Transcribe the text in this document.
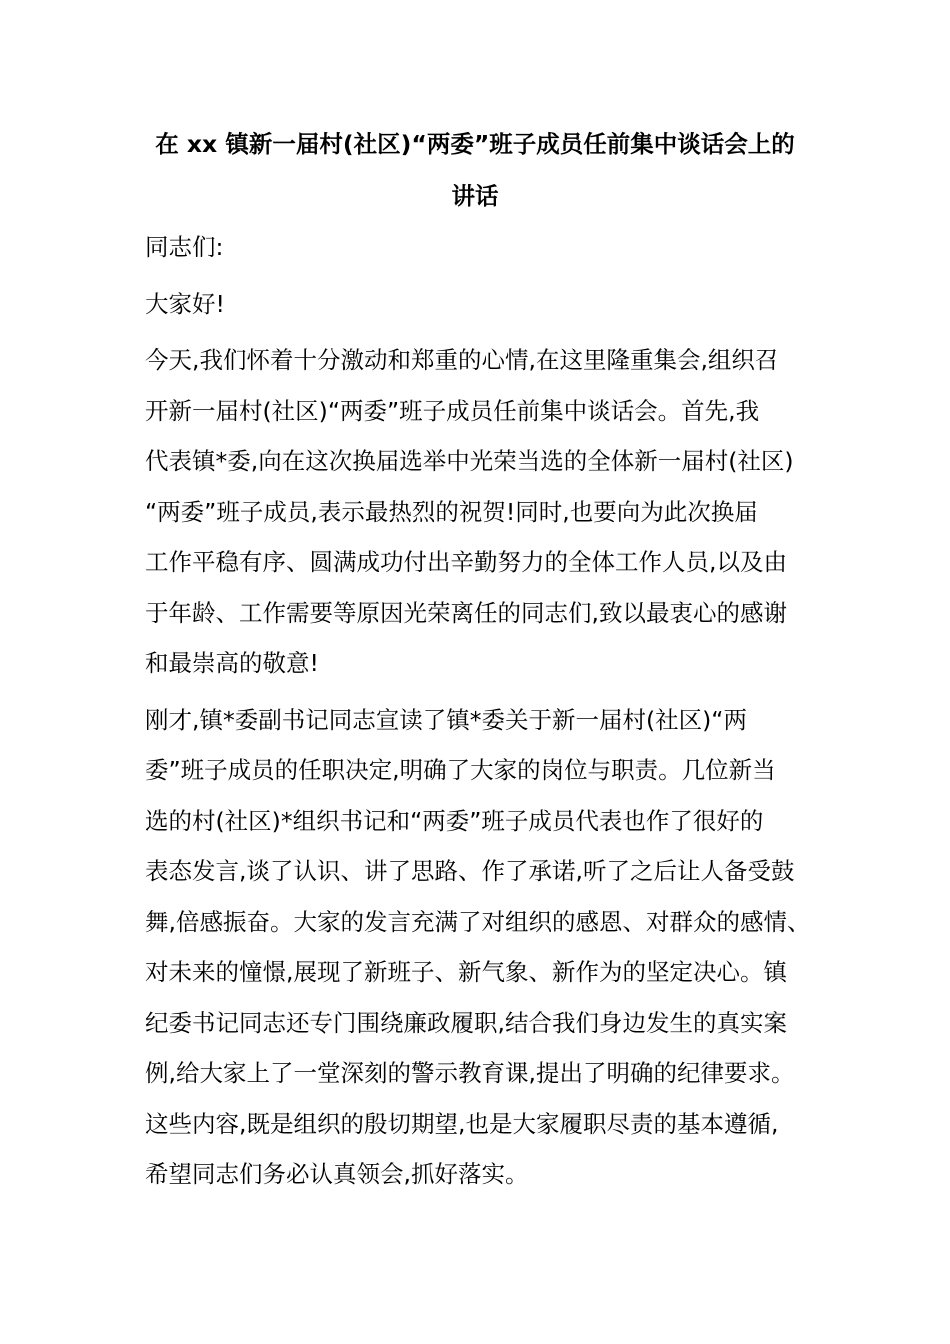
在 xx 镇新一届村(社区)“两委”班子成员任前集中谈话会上的
讲话

同志们:

大家好!

今天,我们怀着十分激动和郑重的心情,在这里隆重集会,组织召
开新一届村(社区)“两委”班子成员任前集中谈话会。首先,我
代表镇*委,向在这次换届选举中光荣当选的全体新一届村(社区)
“两委”班子成员,表示最热烈的祝贺!同时,也要向为此次换届
工作平稳有序、圆满成功付出辛勤努力的全体工作人员,以及由
于年龄、工作需要等原因光荣离任的同志们,致以最衷心的感谢
和最崇高的敬意!

刚才,镇*委副书记同志宣读了镇*委关于新一届村(社区)“两
委”班子成员的任职决定,明确了大家的岗位与职责。几位新当
选的村(社区)*组织书记和“两委”班子成员代表也作了很好的
表态发言,谈了认识、讲了思路、作了承诺,听了之后让人备受鼓
舞,倍感振奋。大家的发言充满了对组织的感恩、对群众的感情、
对未来的憧憬,展现了新班子、新气象、新作为的坚定决心。镇
纪委书记同志还专门围绕廉政履职,结合我们身边发生的真实案
例,给大家上了一堂深刻的警示教育课,提出了明确的纪律要求。
这些内容,既是组织的殷切期望,也是大家履职尽责的基本遵循,
希望同志们务必认真领会,抓好落实。
